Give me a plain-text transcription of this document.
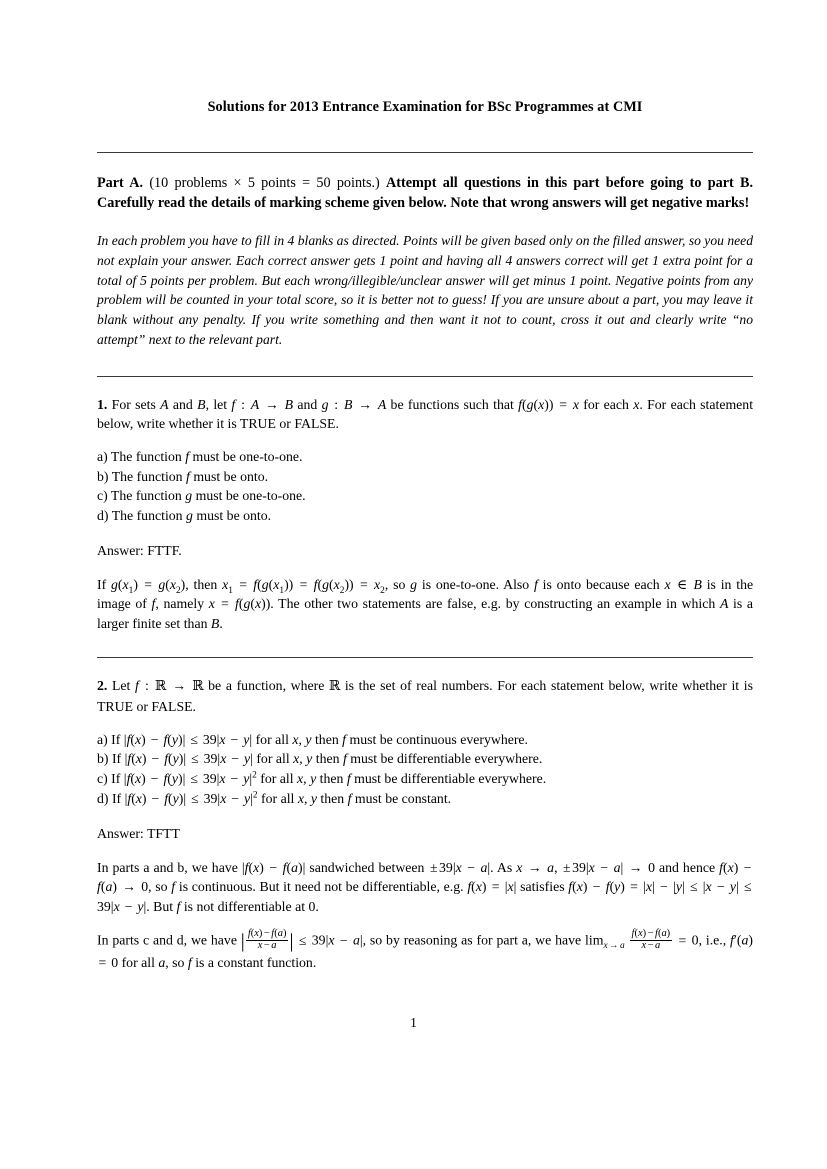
Solutions for 2013 Entrance Examination for BSc Programmes at CMI
Part A. (10 problems × 5 points = 50 points.) Attempt all questions in this part before going to part B. Carefully read the details of marking scheme given below. Note that wrong answers will get negative marks!
In each problem you have to fill in 4 blanks as directed. Points will be given based only on the filled answer, so you need not explain your answer. Each correct answer gets 1 point and having all 4 answers correct will get 1 extra point for a total of 5 points per problem. But each wrong/illegible/unclear answer will get minus 1 point. Negative points from any problem will be counted in your total score, so it is better not to guess! If you are unsure about a part, you may leave it blank without any penalty. If you write something and then want it not to count, cross it out and clearly write “no attempt” next to the relevant part.
1. For sets A and B, let f : A → B and g : B → A be functions such that f(g(x)) = x for each x. For each statement below, write whether it is TRUE or FALSE.
a) The function f must be one-to-one.
b) The function f must be onto.
c) The function g must be one-to-one.
d) The function g must be onto.
Answer: FTTF.
If $g(x_1) = g(x_2)$, then $x_1 = f(g(x_1)) = f(g(x_2)) = x_2$, so g is one-to-one. Also f is onto because each x ∈ B is in the image of f, namely x = f(g(x)). The other two statements are false, e.g. by constructing an example in which A is a larger finite set than B.
2. Let f : ℝ → ℝ be a function, where ℝ is the set of real numbers. For each statement below, write whether it is TRUE or FALSE.
a) If |f(x) − f(y)| ≤ 39|x − y| for all x, y then f must be continuous everywhere.
b) If |f(x) − f(y)| ≤ 39|x − y| for all x, y then f must be differentiable everywhere.
c) If $|f(x) - f(y)| \le 39|x - y|^2$ for all x, y then f must be differentiable everywhere.
d) If $|f(x) - f(y)| \le 39|x - y|^2$ for all x, y then f must be constant.
Answer: TFTT
In parts a and b, we have |f(x) − f(a)| sandwiched between ± 39|x − a|. As x → a, ± 39|x − a| → 0 and hence f(x) − f(a) → 0, so f is continuous. But it need not be differentiable, e.g. f(x) = |x| satisfies f(x) − f(y) = |x| − |y| ≤ |x − y| ≤ 39|x − y|. But f is not differentiable at 0.
In parts c and d, we have | $\frac{f(x) - f(a)}{x - a}$ | ≤ 39|x − a|, so by reasoning as for part a, we have $\lim_{x \to a} \frac{f(x) - f(a)}{x - a} = 0$, i.e., f′(a) = 0 for all a, so f is a constant function.
1
